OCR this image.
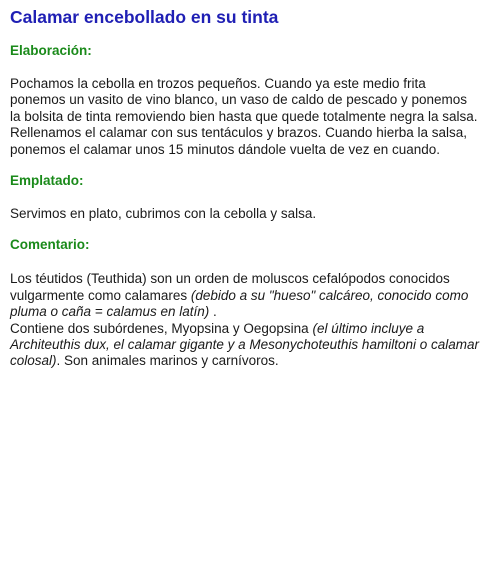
Calamar encebollado en su tinta
Elaboración:

Pochamos la cebolla en trozos pequeños. Cuando ya este medio frita ponemos un vasito de vino blanco, un vaso de caldo de pescado y ponemos la bolsita de tinta removiendo bien hasta que quede totalmente negra la salsa. Rellenamos el calamar con sus tentáculos y brazos. Cuando hierba la salsa, ponemos el calamar unos 15 minutos dándole vuelta de vez en cuando.

Emplatado:

Servimos en plato, cubrimos con la cebolla y salsa.

Comentario:

Los téutidos (Teuthida) son un orden de moluscos cefalópodos conocidos vulgarmente como calamares (debido a su "hueso" calcáreo, conocido como pluma o caña = calamus en latín) .
Contiene dos subórdenes, Myopsina y Oegopsina (el último incluye a Architeuthis dux, el calamar gigante y a Mesonychoteuthis hamiltoni o calamar colosal). Son animales marinos y carnívoros.
